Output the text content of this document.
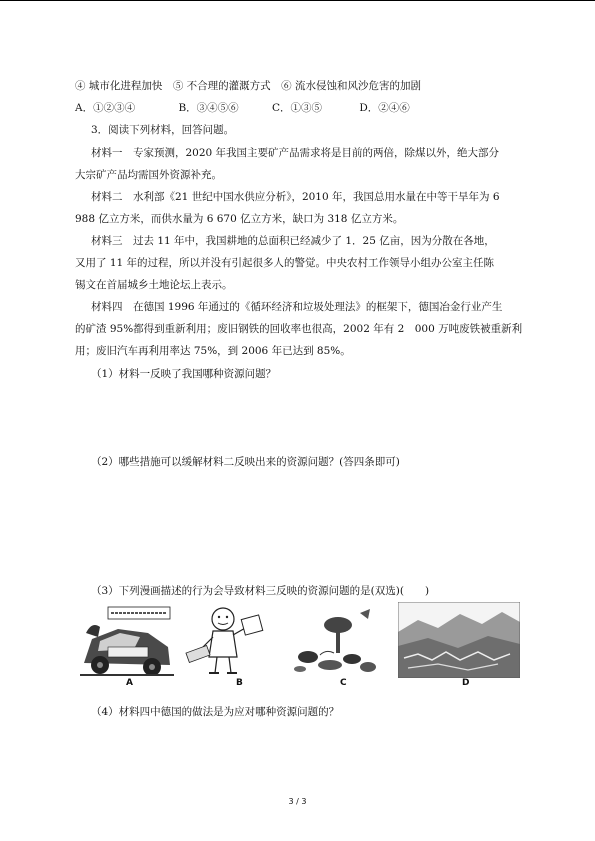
④ 城市化进程加快　⑤ 不合理的灌溉方式　⑥ 流水侵蚀和风沙危害的加剧
A．①②③④	B．③④⑤⑥	C．①③⑤	D．②④⑥
3．阅读下列材料，回答问题。
材料一　专家预测，2020 年我国主要矿产品需求将是目前的两倍，除煤以外，绝大部分
大宗矿产品均需国外资源补充。
材料二　水利部《21 世纪中国水供应分析》，2010 年，我国总用水量在中等干旱年为 6
988 亿立方米，而供水量为 6 670 亿立方米，缺口为 318 亿立方米。
材料三　过去 11 年中，我国耕地的总面积已经减少了 1．25 亿亩，因为分散在各地，
又用了 11 年的过程，所以并没有引起很多人的警觉。中央农村工作领导小组办公室主任陈
锡文在首届城乡土地论坛上表示。
材料四　在德国 1996 年通过的《循环经济和垃圾处理法》的框架下，德国冶金行业产生
的矿渣 95%都得到重新利用；废旧钢铁的回收率也很高，2002 年有 2　000 万吨废铁被重新利
用；废旧汽车再利用率达 75%，到 2006 年已达到 85%。
（1）材料一反映了我国哪种资源问题？
（2）哪些措施可以缓解材料二反映出来的资源问题？(答四条即可)
（3）下列漫画描述的行为会导致材料三反映的资源问题的是(双选)(　　)
A	B	C	D
（4）材料四中德国的做法是为应对哪种资源问题的？
3 / 3
